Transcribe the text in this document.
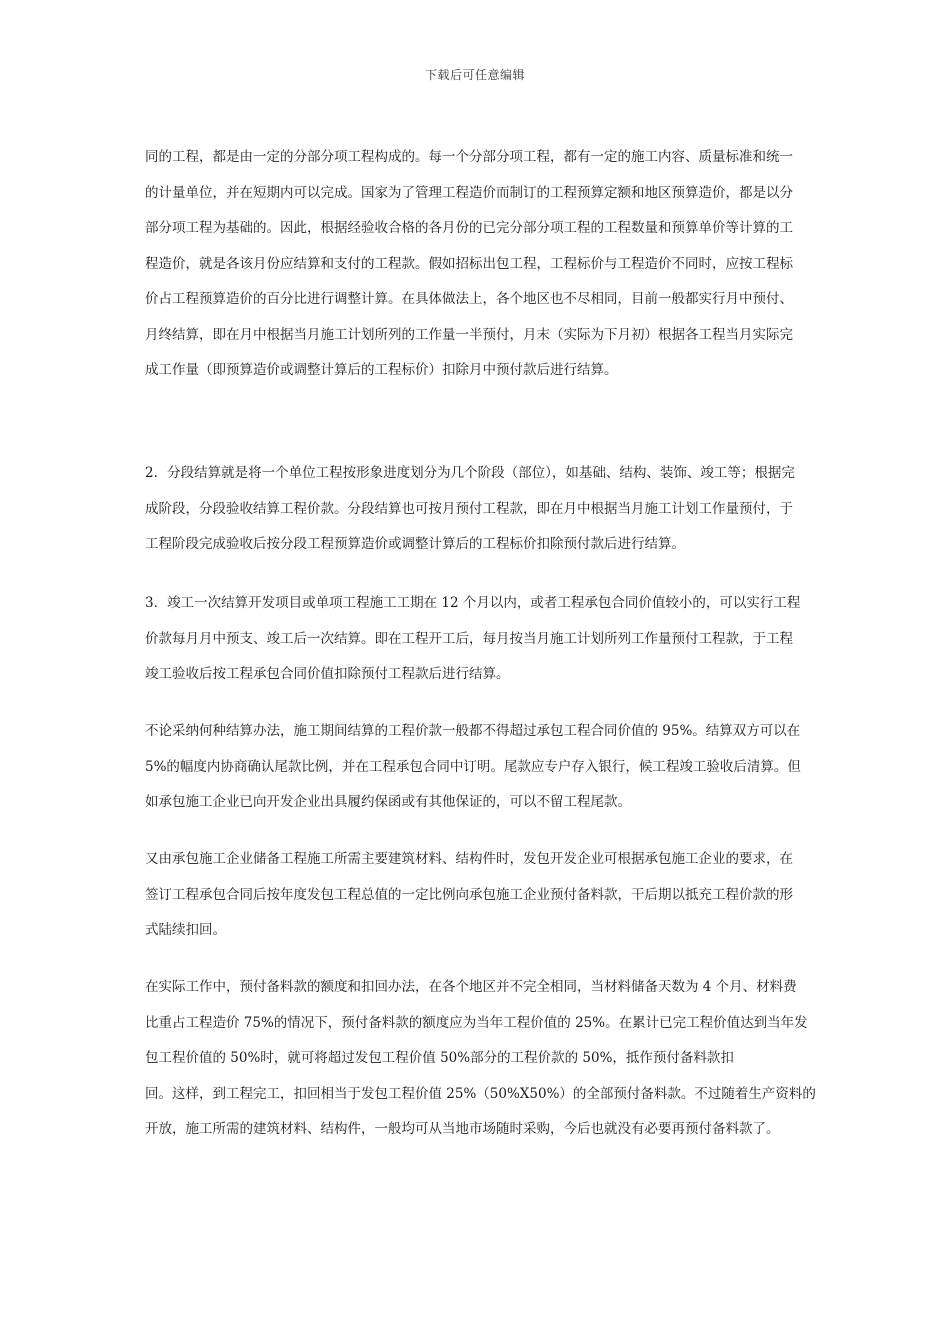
下载后可任意编辑
同的工程，都是由一定的分部分项工程构成的。每一个分部分项工程，都有一定的施工内容、质量标准和统一
的计量单位，并在短期内可以完成。国家为了管理工程造价而制订的工程预算定额和地区预算造价，都是以分
部分项工程为基础的。因此，根据经验收合格的各月份的已完分部分项工程的工程数量和预算单价等计算的工
程造价，就是各该月份应结算和支付的工程款。假如招标出包工程，工程标价与工程造价不同时，应按工程标
价占工程预算造价的百分比进行调整计算。在具体做法上，各个地区也不尽相同，目前一般都实行月中预付、
月终结算，即在月中根据当月施工计划所列的工作量一半预付，月末（实际为下月初）根据各工程当月实际完
成工作量（即预算造价或调整计算后的工程标价）扣除月中预付款后进行结算。
2．分段结算就是将一个单位工程按形象进度划分为几个阶段（部位），如基础、结构、装饰、竣工等；根据完
成阶段，分段验收结算工程价款。分段结算也可按月预付工程款，即在月中根据当月施工计划工作量预付，于
工程阶段完成验收后按分段工程预算造价或调整计算后的工程标价扣除预付款后进行结算。
3．竣工一次结算开发项目或单项工程施工工期在 12 个月以内，或者工程承包合同价值较小的，可以实行工程
价款每月月中预支、竣工后一次结算。即在工程开工后，每月按当月施工计划所列工作量预付工程款，于工程
竣工验收后按工程承包合同价值扣除预付工程款后进行结算。
不论采纳何种结算办法，施工期间结算的工程价款一般都不得超过承包工程合同价值的 95%。结算双方可以在
5%的幅度内协商确认尾款比例，并在工程承包合同中订明。尾款应专户存入银行，候工程竣工验收后清算。但
如承包施工企业已向开发企业出具履约保函或有其他保证的，可以不留工程尾款。
又由承包施工企业储备工程施工所需主要建筑材料、结构件时，发包开发企业可根据承包施工企业的要求，在
签订工程承包合同后按年度发包工程总值的一定比例向承包施工企业预付备料款，干后期以抵充工程价款的形
式陆续扣回。
在实际工作中，预付备料款的额度和扣回办法，在各个地区并不完全相同，当材料储备天数为 4 个月、材料费
比重占工程造价 75%的情况下，预付备料款的额度应为当年工程价值的 25%。在累计已完工程价值达到当年发
包工程价值的 50%时，就可将超过发包工程价值 50%部分的工程价款的 50%，抵作预付备料款扣
回。这样，到工程完工，扣回相当于发包工程价值 25%（50%X50%）的全部预付备料款。不过随着生产资料的
开放，施工所需的建筑材料、结构件，一般均可从当地市场随时采购，今后也就没有必要再预付备料款了。
